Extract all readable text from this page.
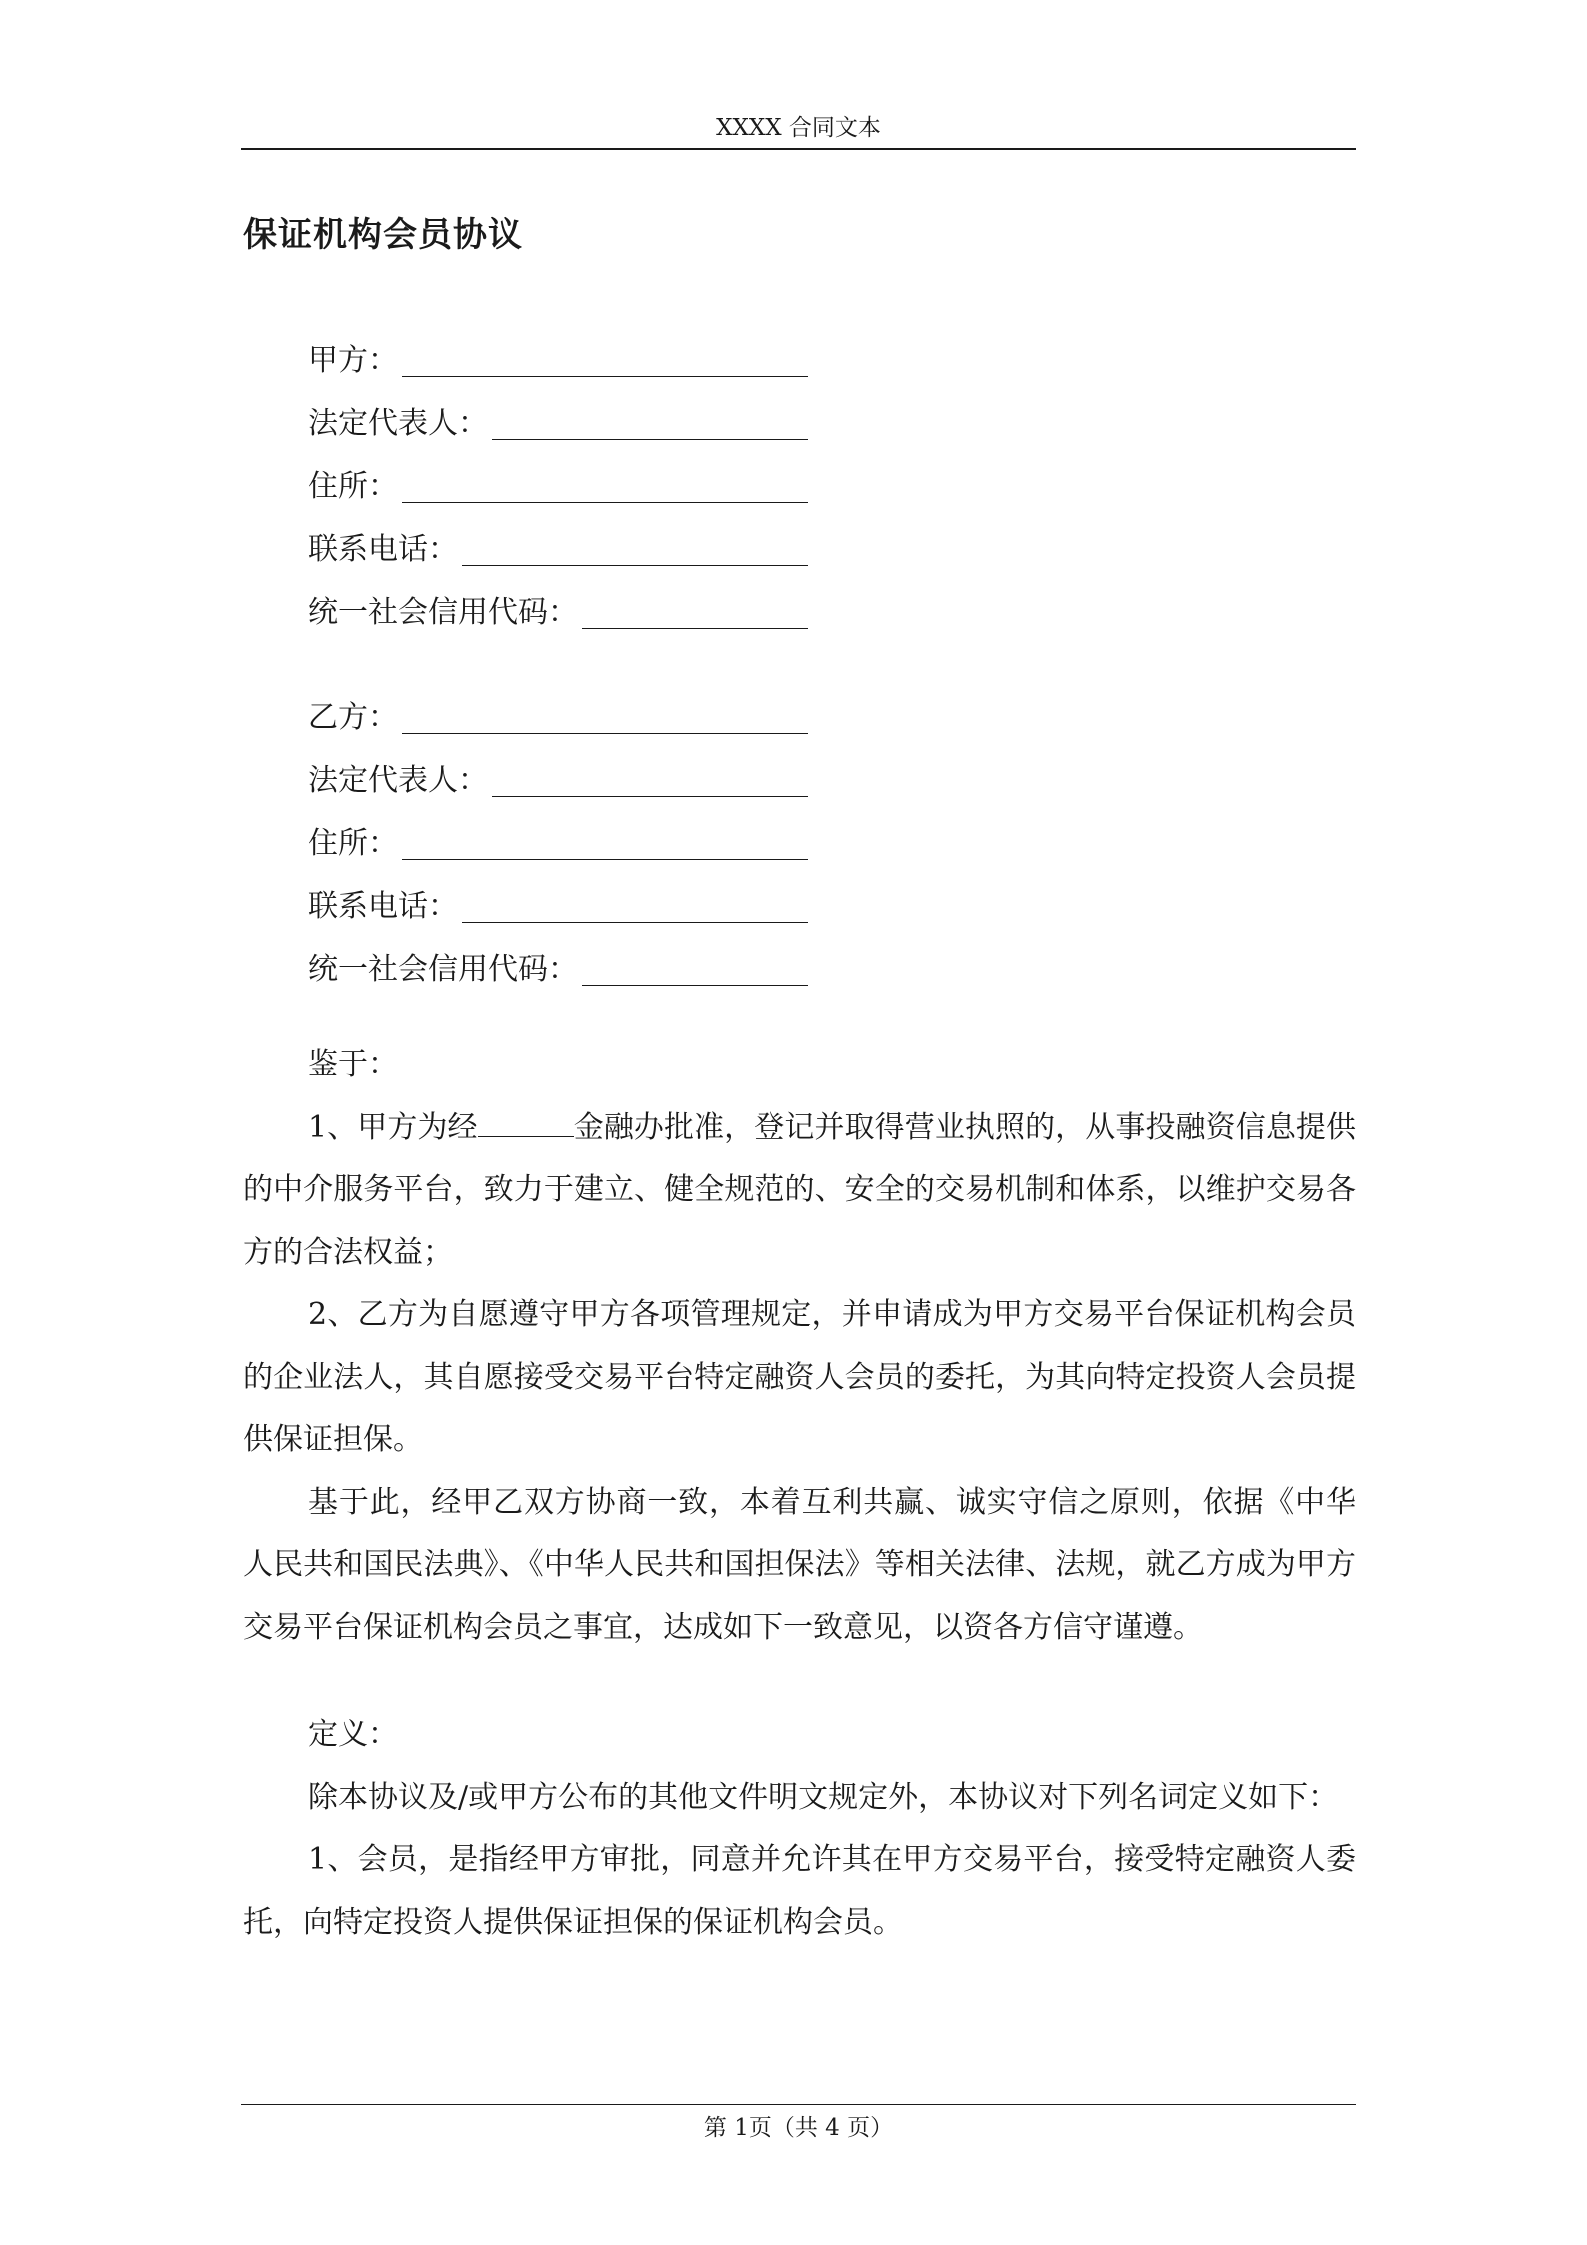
XXXX 合同文本
保证机构会员协议
甲方：
法定代表人：
住所：
联系电话：
统一社会信用代码：
乙方：
法定代表人：
住所：
联系电话：
统一社会信用代码：

鉴于：

1、甲方为经	金融办批准，登记并取得营业执照的，从事投融资信息提供的中介服务平台，致力于建立、健全规范的、安全的交易机制和体系，以维护交易各方的合法权益；

2、乙方为自愿遵守甲方各项管理规定，并申请成为甲方交易平台保证机构会员的企业法人，其自愿接受交易平台特定融资人会员的委托，为其向特定投资人会员提供保证担保。

基于此，经甲乙双方协商一致，本着互利共赢、诚实守信之原则，依据《中华人民共和国民法典》、《中华人民共和国担保法》等相关法律、法规，就乙方成为甲方交易平台保证机构会员之事宜，达成如下一致意见，以资各方信守谨遵。

定义：

除本协议及/或甲方公布的其他文件明文规定外，本协议对下列名词定义如下：

1、会员，是指经甲方审批，同意并允许其在甲方交易平台，接受特定融资人委托，向特定投资人提供保证担保的保证机构会员。

第 1页（共 4 页）
